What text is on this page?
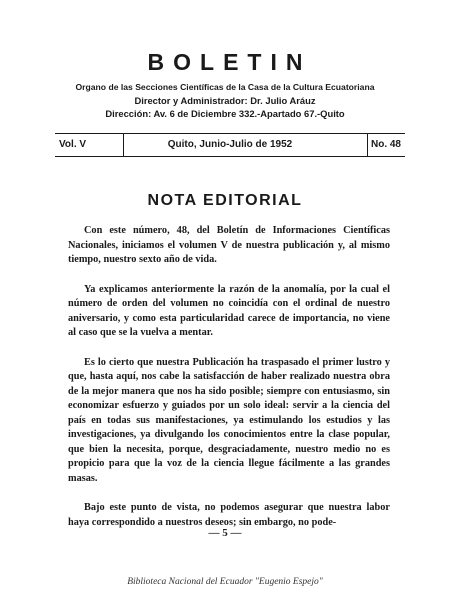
BOLETIN
Organo de las Secciones Científicas de la Casa de la Cultura Ecuatoriana
Director y Administrador: Dr. Julio Aráuz
Dirección: Av. 6 de Diciembre 332.-Apartado 67.-Quito
Quito, Junio-Julio de 1952
Vol. V	No. 48
NOTA EDITORIAL

Con este número, 48, del Boletín de Informaciones Científicas Nacionales, iniciamos el volumen V de nuestra publicación y, al mismo tiempo, nuestro sexto año de vida.

Ya explicamos anteriormente la razón de la anomalía, por la cual el número de orden del volumen no coincidía con el ordinal de nuestro aniversario, y como esta particularidad carece de importancia, no viene al caso que se la vuelva a mentar.

Es lo cierto que nuestra Publicación ha traspasado el primer lustro y que, hasta aquí, nos cabe la satisfacción de haber realizado nuestra obra de la mejor manera que nos ha sido posible; siempre con entusiasmo, sin economizar esfuerzo y guiados por un solo ideal: servir a la ciencia del país en todas sus manifestaciones, ya estimulando los estudios y las investigaciones, ya divulgando los conocimientos entre la clase popular, que bien la necesita, porque, desgraciadamente, nuestro medio no es propicio para que la voz de la ciencia llegue fácilmente a las grandes masas.

Bajo este punto de vista, no podemos asegurar que nuestra labor haya correspondido a nuestros deseos; sin embargo, no pode-

— 5 —
Biblioteca Nacional del Ecuador "Eugenio Espejo"
